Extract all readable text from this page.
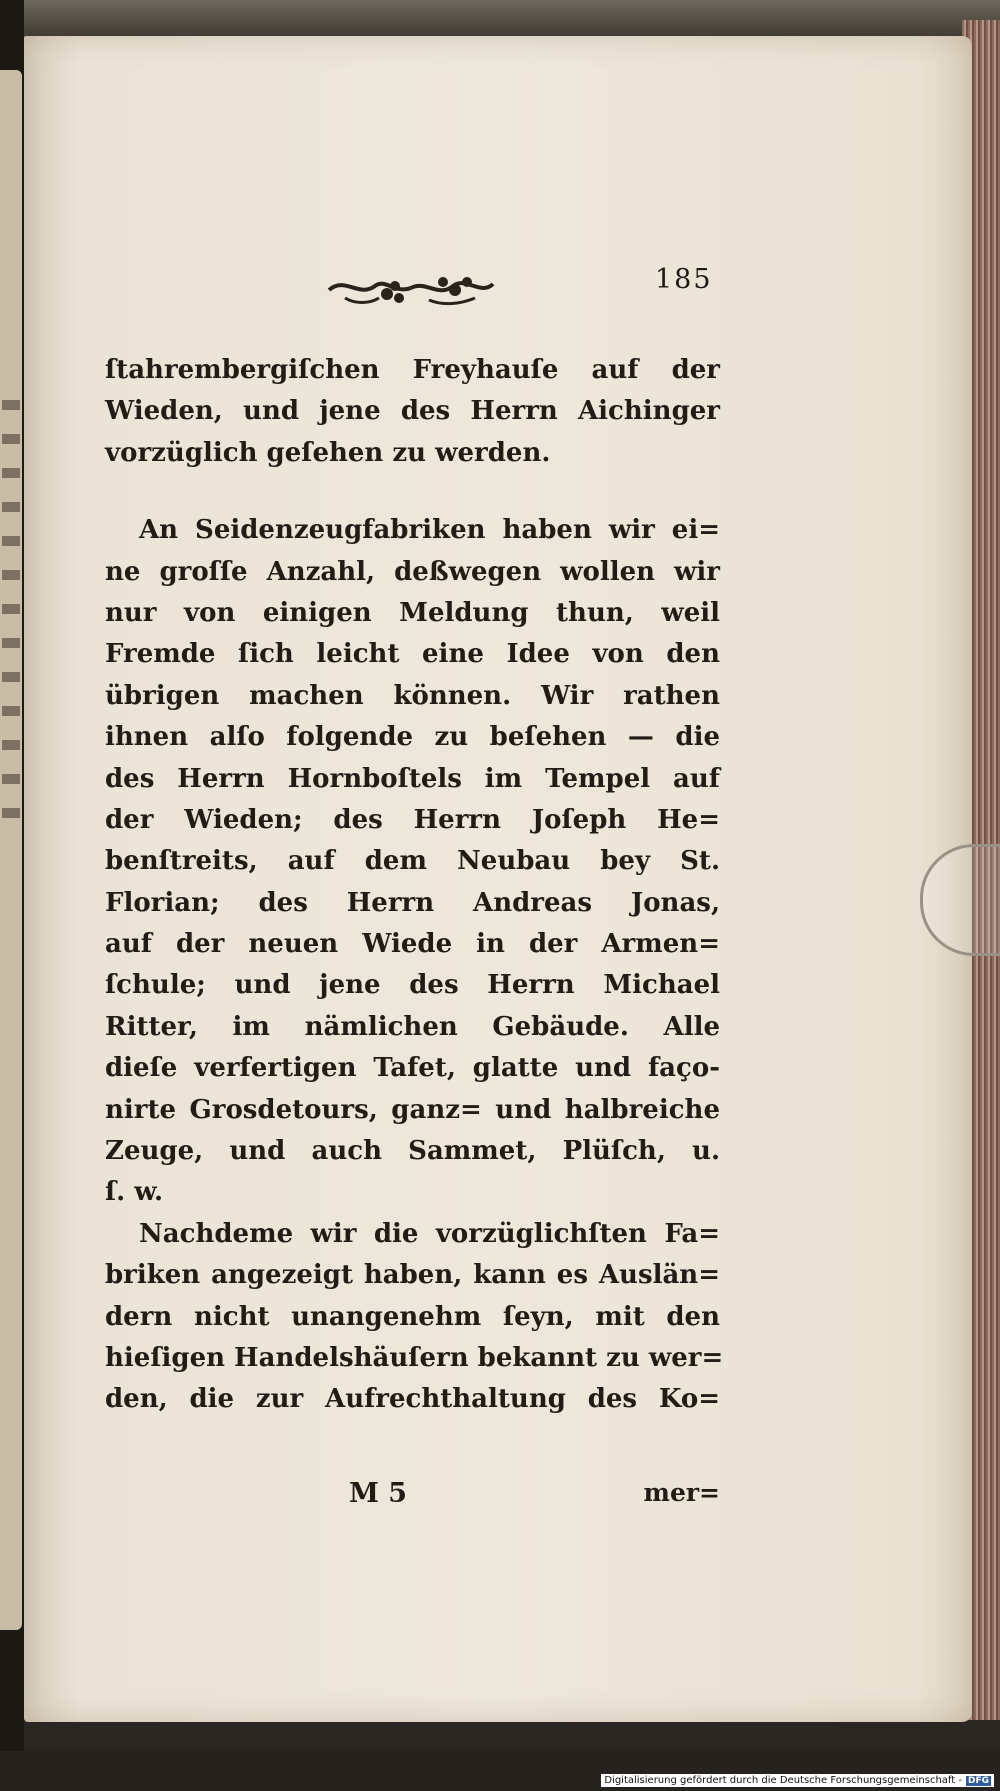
185
ſtahrembergiſchen Freyhauſe auf der
Wieden, und jene des Herrn Aichinger
vorzüglich geſehen zu werden.
An Seidenzeugfabriken haben wir ei=
ne groſſe Anzahl, deßwegen wollen wir
nur von einigen Meldung thun, weil
Fremde ſich leicht eine Idee von den
übrigen machen können. Wir rathen
ihnen alſo folgende zu beſehen — die
des Herrn Hornboſtels im Tempel auf
der Wieden; des Herrn Joſeph He=
benſtreits, auf dem Neubau bey St.
Florian; des Herrn Andreas Jonas,
auf der neuen Wiede in der Armen=
ſchule; und jene des Herrn Michael
Ritter, im nämlichen Gebäude. Alle
dieſe verfertigen Tafet, glatte und faço-
nirte Grosdetours, ganz= und halbreiche
Zeuge, und auch Sammet, Plüſch, u.
ſ. w.
Nachdeme wir die vorzüglichſten Fa=
briken angezeigt haben, kann es Auslän=
dern nicht unangenehm ſeyn, mit den
hieſigen Handelshäuſern bekannt zu wer=
den, die zur Aufrechthaltung des Ko=
M 5	mer=
Digitalisierung gefördert durch die Deutsche Forschungsgemeinschaft - DFG
